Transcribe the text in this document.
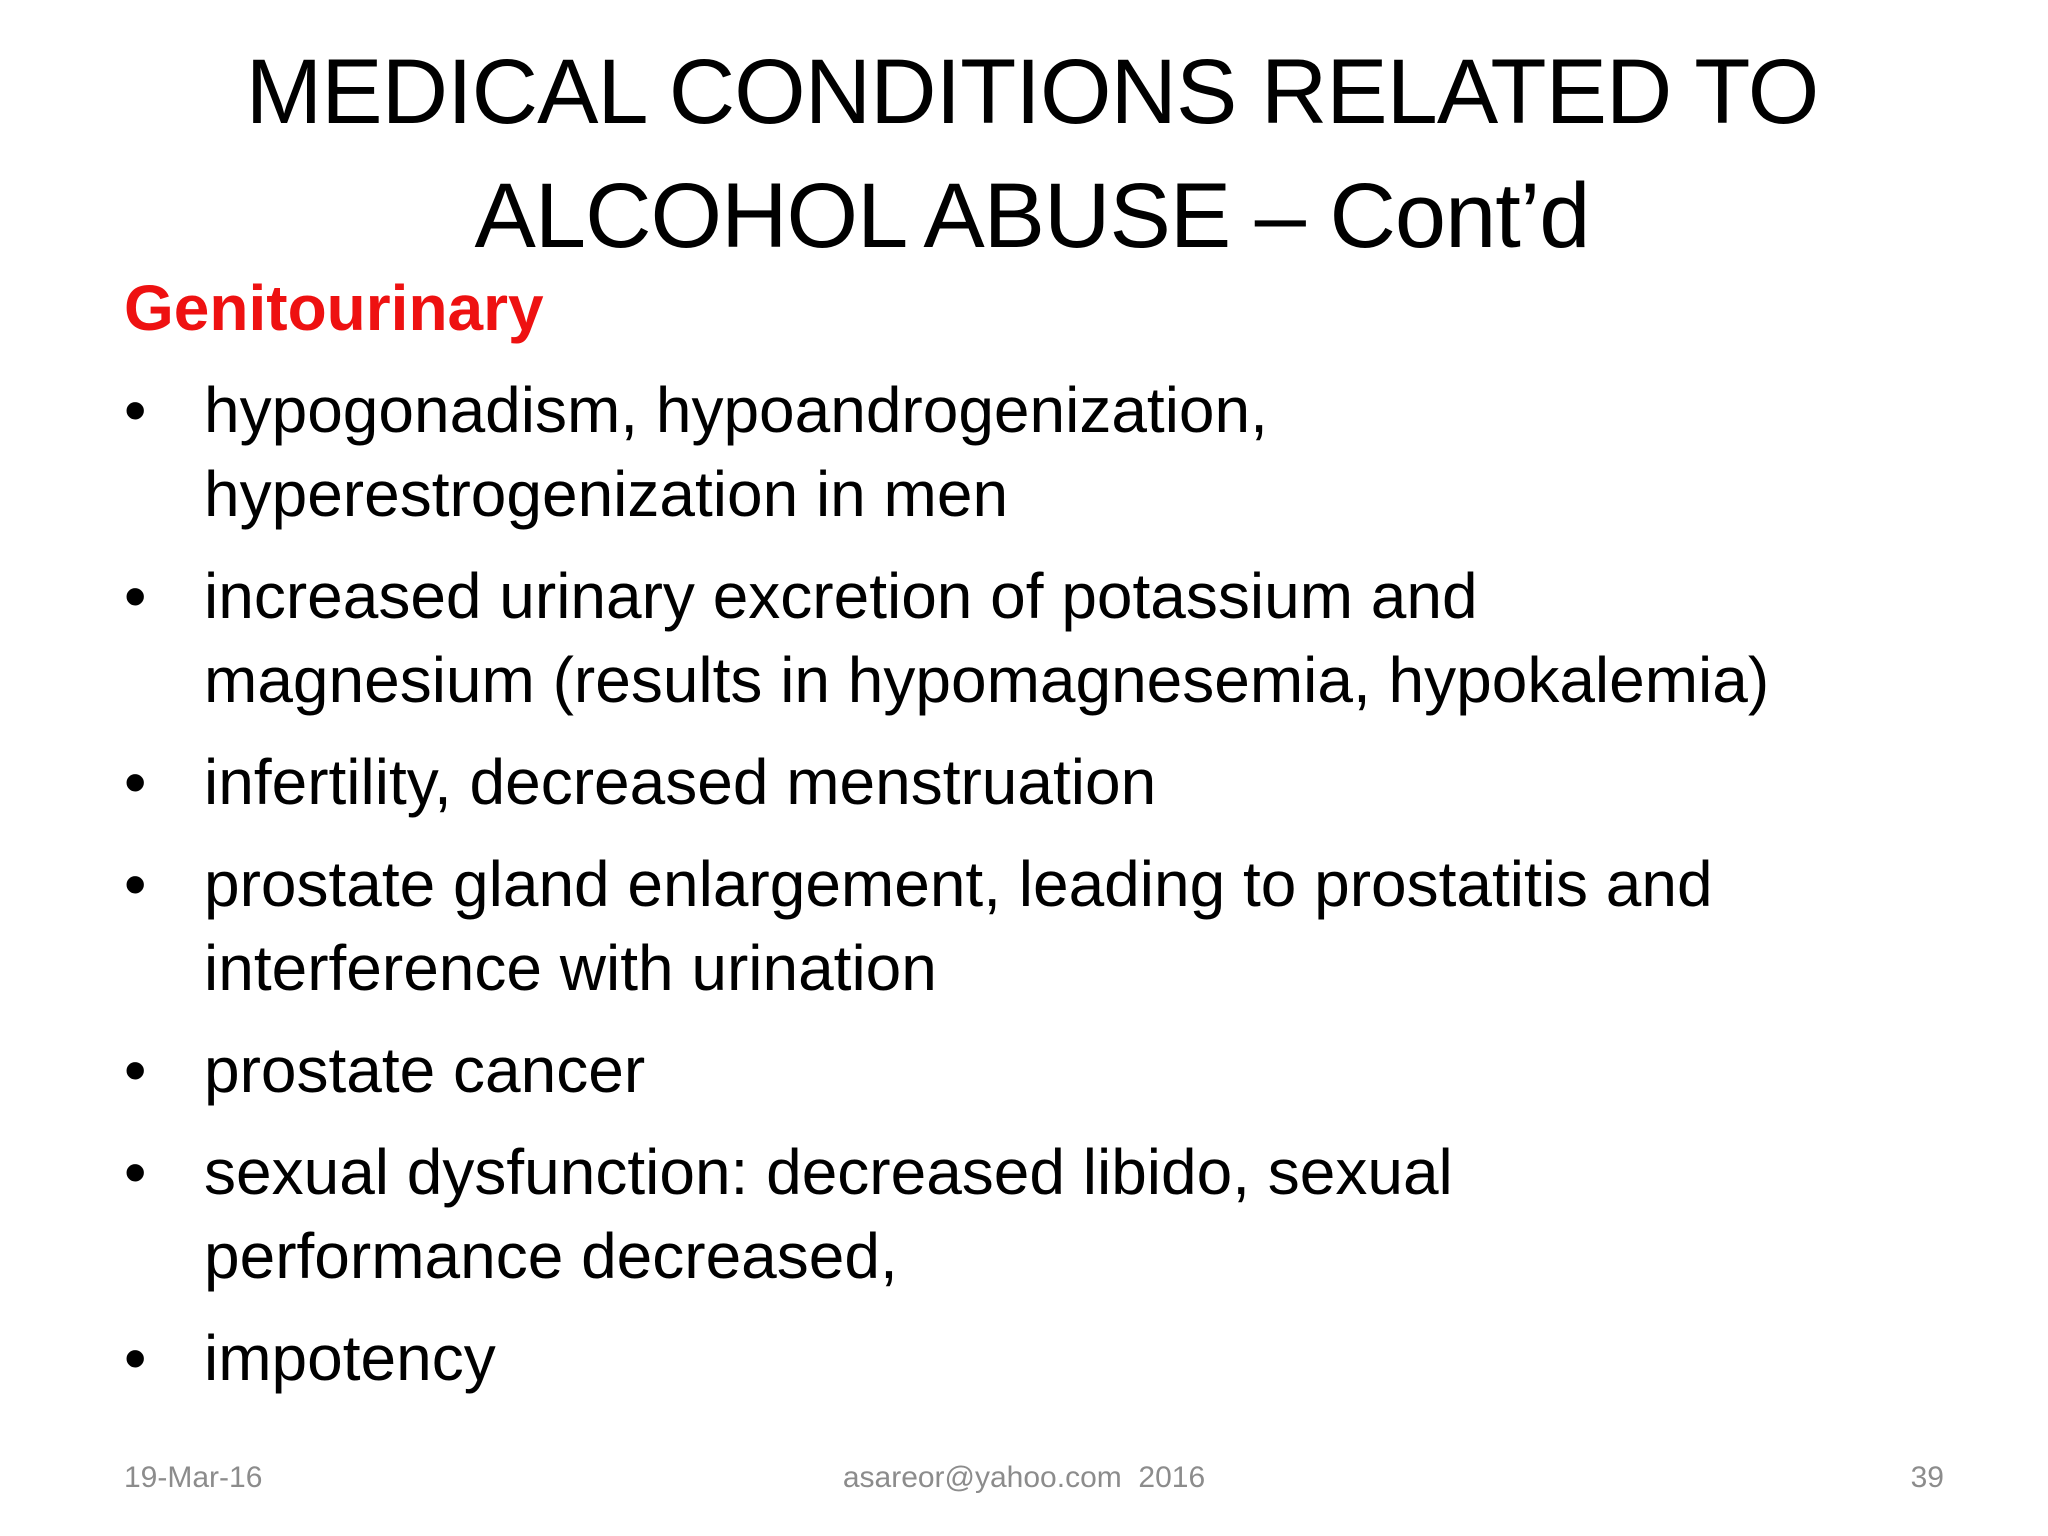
MEDICAL CONDITIONS RELATED TO
ALCOHOL ABUSE – Cont’d
Genitourinary
• hypogonadism, hypoandrogenization,
hyperestrogenization in men
• increased urinary excretion of potassium and
magnesium (results in hypomagnesemia, hypokalemia)
• infertility, decreased menstruation
• prostate gland enlargement, leading to prostatitis and
interference with urination
• prostate cancer
• sexual dysfunction: decreased libido, sexual
performance decreased,
• impotency
19-Mar-16	asareor@yahoo.com  2016	39
